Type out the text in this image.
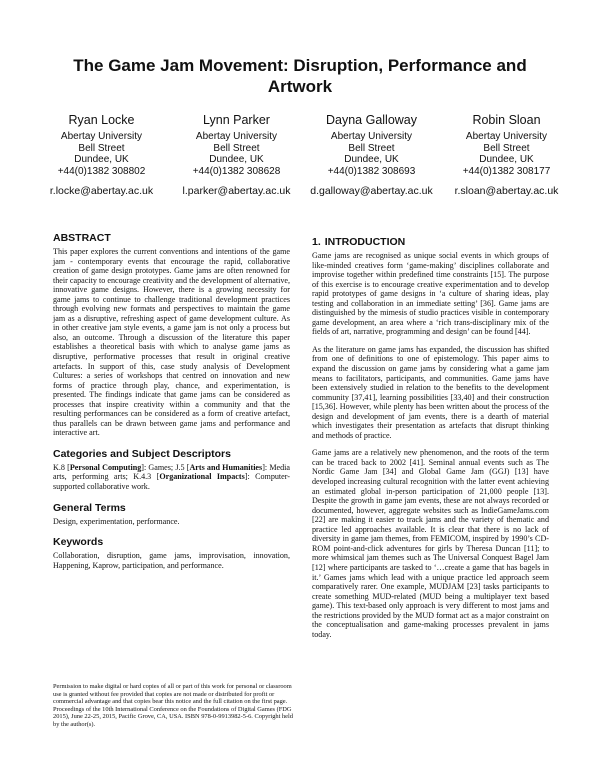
The Game Jam Movement: Disruption, Performance and Artwork
Ryan Locke
Abertay University
Bell Street
Dundee, UK
+44(0)1382 308802
r.locke@abertay.ac.uk
Lynn Parker
Abertay University
Bell Street
Dundee, UK
+44(0)1382 308628
l.parker@abertay.ac.uk
Dayna Galloway
Abertay University
Bell Street
Dundee, UK
+44(0)1382 308693
d.galloway@abertay.ac.uk
Robin Sloan
Abertay University
Bell Street
Dundee, UK
+44(0)1382 308177
r.sloan@abertay.ac.uk
ABSTRACT

This paper explores the current conventions and intentions of the game jam - contemporary events that encourage the rapid, collaborative creation of game design prototypes. Game jams are often renowned for their capacity to encourage creativity and the development of alternative, innovative game designs. However, there is a growing necessity for game jams to continue to challenge traditional development practices through evolving new formats and perspectives to maintain the game jam as a disruptive, refreshing aspect of game development culture. As in other creative jam style events, a game jam is not only a process but also, an outcome. Through a discussion of the literature this paper establishes a theoretical basis with which to analyse game jams as disruptive, performative processes that result in original creative artefacts. In support of this, case study analysis of Development Cultures: a series of workshops that centred on innovation and new forms of practice through play, chance, and experimentation, is presented. The findings indicate that game jams can be considered as processes that inspire creativity within a community and that the resulting performances can be considered as a form of creative artefact, thus parallels can be drawn between game jams and performance and interactive art.

Categories and Subject Descriptors

K.8 [Personal Computing]: Games; J.5 [Arts and Humanities]: Media arts, performing arts; K.4.3 [Organizational Impacts]: Computer-supported collaborative work.

General Terms

Design, experimentation, performance.

Keywords

Collaboration, disruption, game jams, improvisation, innovation, Happening, Kaprow, participation, and performance.

Permission to make digital or hard copies of all or part of this work for personal or classroom use is granted without fee provided that copies are not made or distributed for profit or commercial advantage and that copies bear this notice and the full citation on the first page.

Proceedings of the 10th International Conference on the Foundations of Digital Games (FDG 2015), June 22-25, 2015, Pacific Grove, CA, USA. ISBN 978-0-9913982-5-6. Copyright held by the author(s).

1. INTRODUCTION

Game jams are recognised as unique social events in which groups of like-minded creatives form ‘game-making’ disciplines collaborate and improvise together within predefined time constraints [15]. The purpose of this exercise is to encourage creative experimentation and to develop rapid prototypes of game designs in ‘a culture of sharing ideas, play testing and collaboration in an immediate setting’ [36]. Game jams are distinguished by the mimesis of studio practices visible in contemporary game development, an area where a ‘rich trans-disciplinary mix of the fields of art, narrative, programming and design’ can be found [44].

As the literature on game jams has expanded, the discussion has shifted from one of definitions to one of epistemology. This paper aims to expand the discussion on game jams by considering what a game jam means to facilitators, participants, and communities. Game jams have been extensively studied in relation to the benefits to the development community [37,41], learning possibilities [33,40] and their construction [15,36]. However, while plenty has been written about the process of the design and development of jam events, there is a dearth of material which investigates their presentation as artefacts that disrupt thinking and methods of practice.

Game jams are a relatively new phenomenon, and the roots of the term can be traced back to 2002 [41]. Seminal annual events such as The Nordic Game Jam [34] and Global Game Jam (GGJ) [13] have developed increasing cultural recognition with the latter event achieving an estimated global in-person participation of 21,000 people [13]. Despite the growth in game jam events, these are not always recorded or documented, however, aggregate websites such as IndieGameJams.com [22] are making it easier to track jams and the variety of thematic and practice led approaches available. It is clear that there is no lack of diversity in game jam themes, from FEMICOM, inspired by 1990’s CD-ROM point-and-click adventures for girls by Theresa Duncan [11]; to more whimsical jam themes such as The Universal Conquest Bagel Jam [12] where participants are tasked to ‘…create a game that has bagels in it.’ Games jams which lead with a unique practice led approach seem comparatively rarer. One example, MUDJAM [23] tasks participants to create something MUD-related (MUD being a multiplayer text based game). This text-based only approach is very different to most jams and the restrictions provided by the MUD format act as a major constraint on the conceptualisation and game-making processes prevalent in jams today.
